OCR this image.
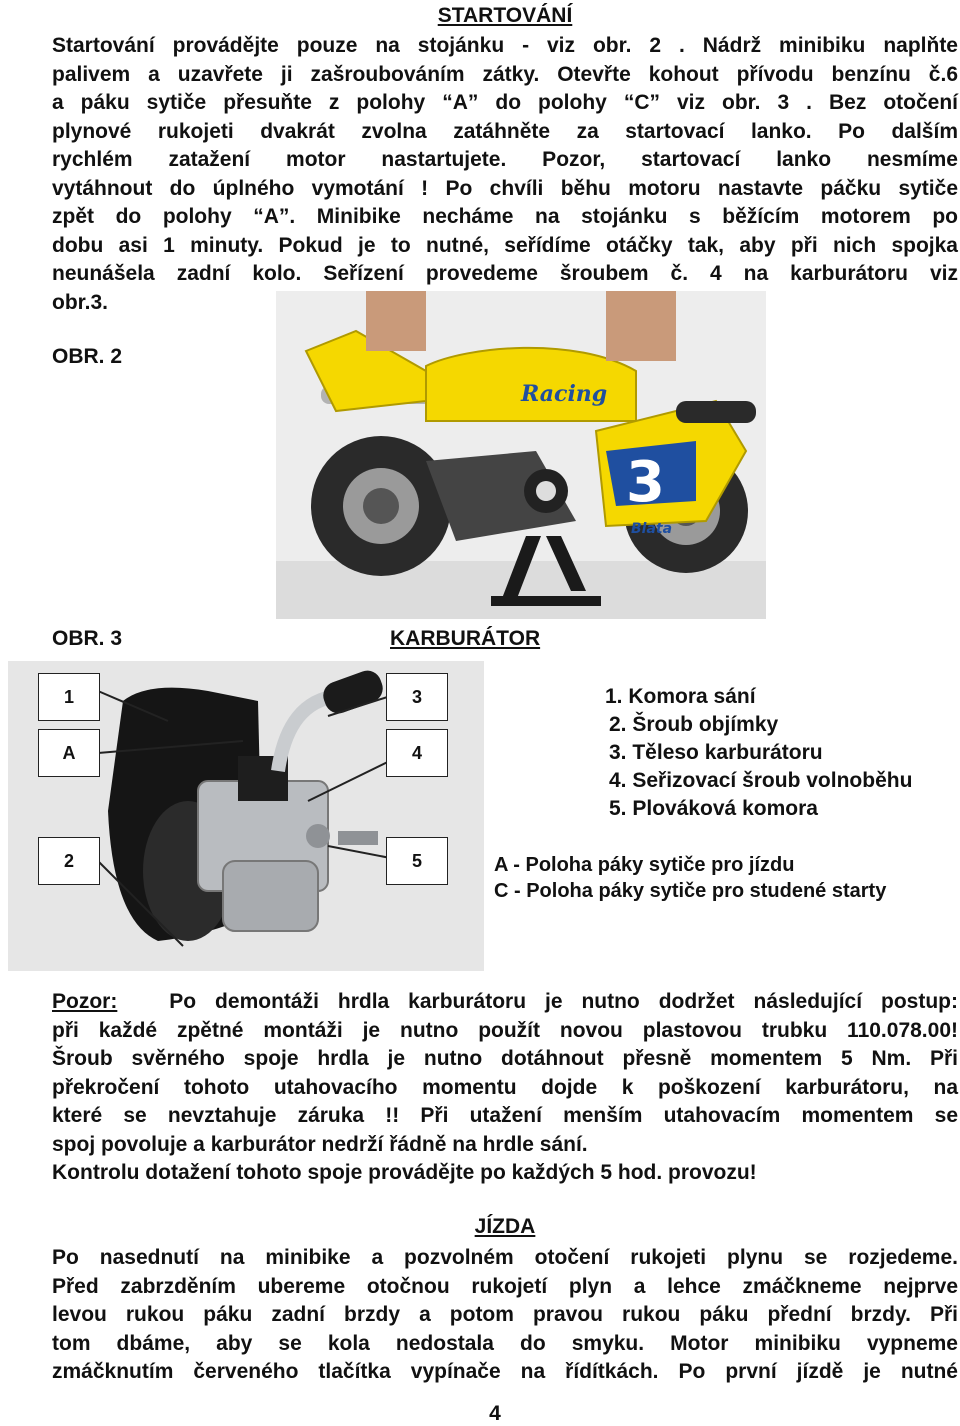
STARTOVÁNÍ
Startování provádějte pouze na stojánku - viz obr. 2 . Nádrž minibiku naplňte
palivem a uzavřete ji zašroubováním zátky. Otevřte kohout přívodu benzínu č.6
a páku sytiče přesuňte z polohy “A” do polohy “C” viz obr. 3 . Bez otočení
plynové rukojeti dvakrát zvolna zatáhněte za startovací lanko. Po dalším
rychlém zatažení motor nastartujete. Pozor, startovací lanko nesmíme
vytáhnout do úplného vymotání ! Po chvíli běhu motoru nastavte páčku sytiče
zpět do polohy “A”. Minibike necháme na stojánku s běžícím motorem po
dobu asi 1 minuty. Pokud je to nutné, seřídíme otáčky tak, aby při nich spojka
neunášela zadní kolo. Seřízení provedeme šroubem č. 4 na karburátoru viz
obr.3.
OBR. 2
3
Racing
Blata
OBR. 3	KARBURÁTOR
1
A
2
3
4
5
1. Komora sání
2. Šroub objímky
3. Těleso karburátoru
4. Seřizovací šroub volnoběhu
5. Plováková komora
A - Poloha páky sytiče pro jízdu
C - Poloha páky sytiče pro studené starty
Pozor: Po demontáži hrdla karburátoru je nutno dodržet následující postup:
při každé zpětné montáži je nutno použít novou plastovou trubku 110.078.00!
Šroub svěrného spoje hrdla je nutno dotáhnout přesně momentem 5 Nm. Při
překročení tohoto utahovacího momentu dojde k poškození karburátoru, na
které se nevztahuje záruka !! Při utažení menším utahovacím momentem se
spoj povoluje a karburátor nedrží řádně na hrdle sání.
Kontrolu dotažení tohoto spoje provádějte po každých 5 hod. provozu!
JÍZDA
Po nasednutí na minibike a pozvolném otočení rukojeti plynu se rozjedeme.
Před zabrzděním ubereme otočnou rukojetí plyn a lehce zmáčkneme nejprve
levou rukou páku zadní brzdy a potom pravou rukou páku přední brzdy. Při
tom dbáme, aby se kola nedostala do smyku. Motor minibiku vypneme
zmáčknutím červeného tlačítka vypínače na řídítkách. Po první jízdě je nutné
4
